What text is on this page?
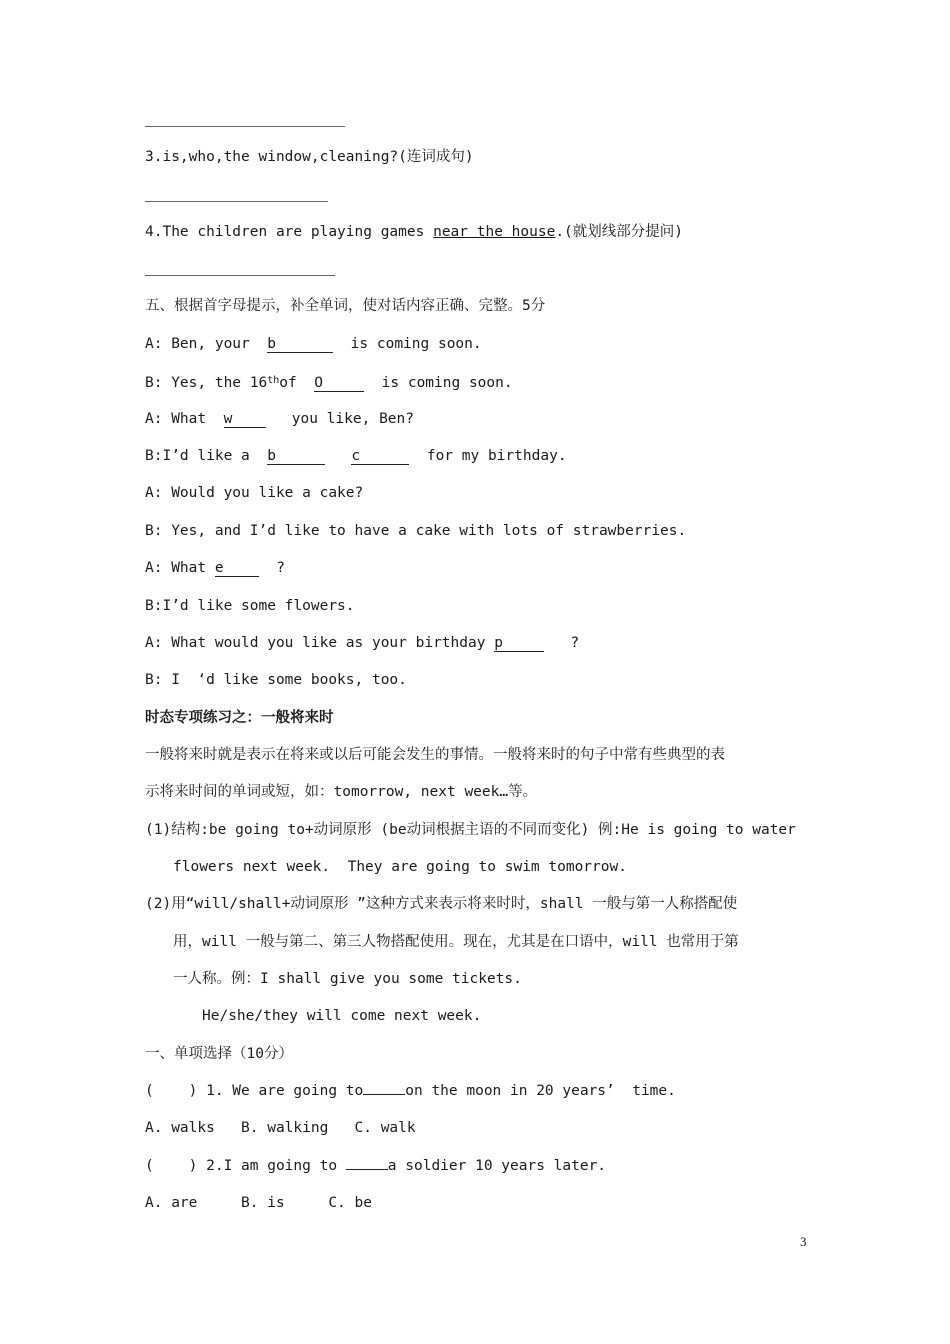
3.is,who,the window,cleaning?(连词成句)
4.The children are playing games near the house.(就划线部分提问)
五、根据首字母提示，补全单词，使对话内容正确、完整。5分
A: Ben, your  b	is coming soon.
B: Yes, the 16thof  O	is coming soon.
A: What  w   you like, Ben?
B:I’d like a  b	c	for my birthday.
A: Would you like a cake?
B: Yes, and I’d like to have a cake with lots of strawberries.
A: What e  ?
B:I’d like some flowers.
A: What would you like as your birthday p	?
B: I  ‘d like some books, too.
时态专项练习之：一般将来时
一般将来时就是表示在将来或以后可能会发生的事情。一般将来时的句子中常有些典型的表
示将来时间的单词或短，如：tomorrow, next week…等。
(1)结构:be going to+动词原形 (be动词根据主语的不同而变化) 例:He is going to water
flowers next week.  They are going to swim tomorrow.
(2)用“will/shall+动词原形 ”这种方式来表示将来时时，shall 一般与第一人称搭配使
用，will 一般与第二、第三人物搭配使用。现在，尤其是在口语中，will 也常用于第
一人称。例：I shall give you some tickets.
He/she/they will come next week.
一、单项选择（10分）
(    ) 1. We are going to	on the moon in 20 years’  time.
A. walks   B. walking   C. walk
(    ) 2.I am going to	a soldier 10 years later.
A. are     B. is     C. be
3
